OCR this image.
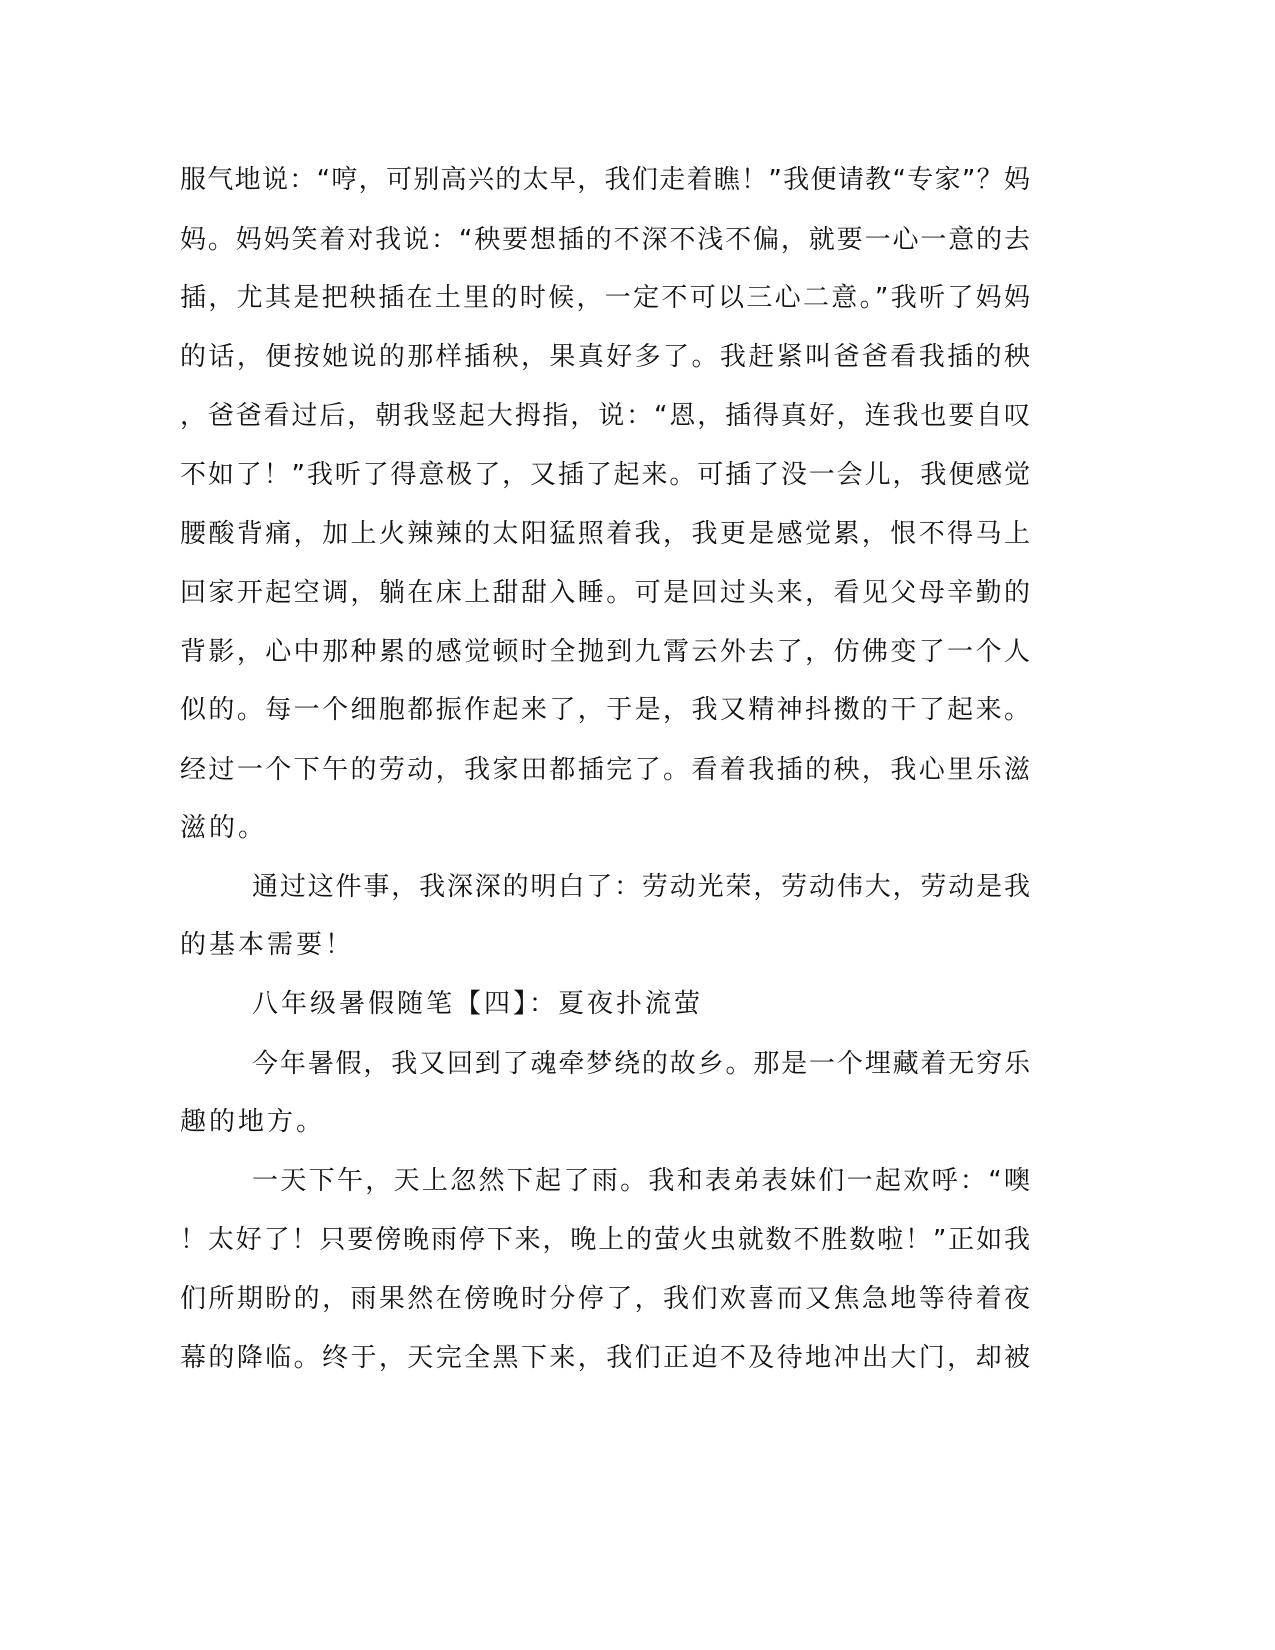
服气地说：“哼，可别高兴的太早，我们走着瞧！”我便请教“专家”？妈
妈。妈妈笑着对我说：“秧要想插的不深不浅不偏，就要一心一意的去
插，尤其是把秧插在土里的时候，一定不可以三心二意。”我听了妈妈
的话，便按她说的那样插秧，果真好多了。我赶紧叫爸爸看我插的秧
，爸爸看过后，朝我竖起大拇指，说：“恩，插得真好，连我也要自叹
不如了！”我听了得意极了，又插了起来。可插了没一会儿，我便感觉
腰酸背痛，加上火辣辣的太阳猛照着我，我更是感觉累，恨不得马上
回家开起空调，躺在床上甜甜入睡。可是回过头来，看见父母辛勤的
背影，心中那种累的感觉顿时全抛到九霄云外去了，仿佛变了一个人
似的。每一个细胞都振作起来了，于是，我又精神抖擞的干了起来。
经过一个下午的劳动，我家田都插完了。看着我插的秧，我心里乐滋
滋的。
通过这件事，我深深的明白了：劳动光荣，劳动伟大，劳动是我
的基本需要！
八年级暑假随笔【四】：夏夜扑流萤
今年暑假，我又回到了魂牵梦绕的故乡。那是一个埋藏着无穷乐
趣的地方。
一天下午，天上忽然下起了雨。我和表弟表妹们一起欢呼：“噢
！太好了！只要傍晚雨停下来，晚上的萤火虫就数不胜数啦！”正如我
们所期盼的，雨果然在傍晚时分停了，我们欢喜而又焦急地等待着夜
幕的降临。终于，天完全黑下来，我们正迫不及待地冲出大门，却被
